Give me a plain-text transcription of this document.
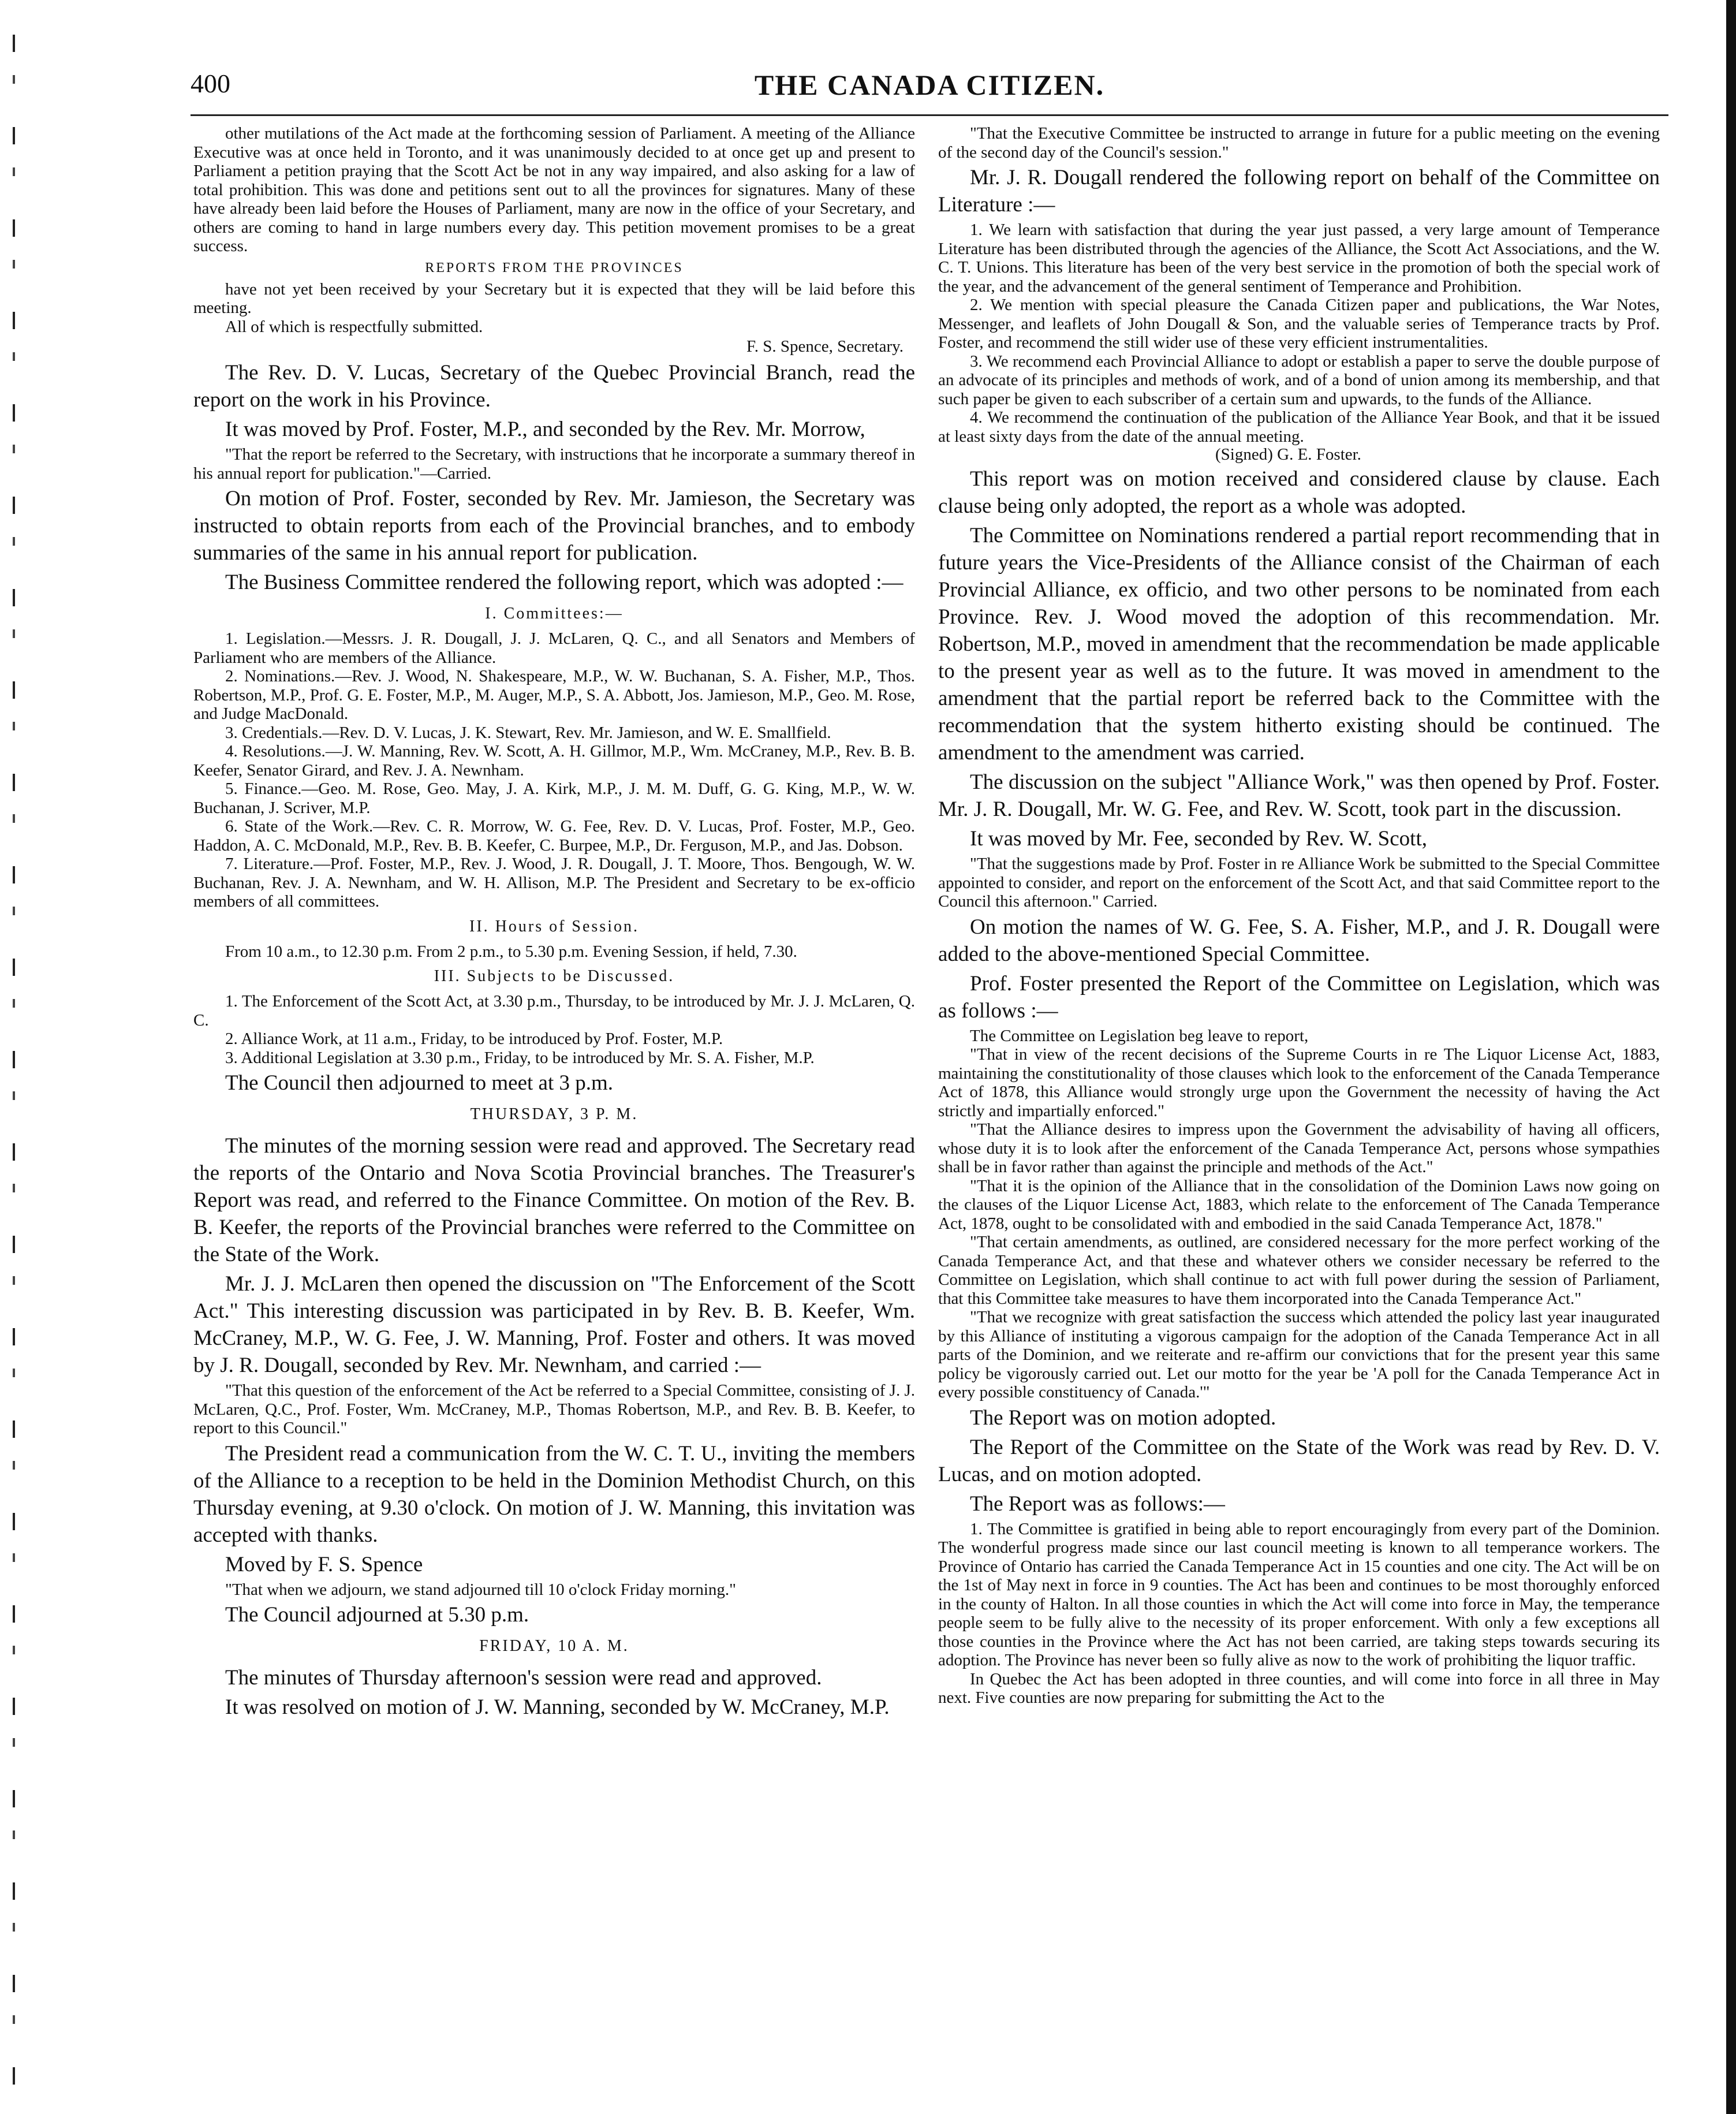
400	THE CANADA CITIZEN.

other mutilations of the Act made at the forthcoming session of Parliament. A meeting of the Alliance Executive was at once held in Toronto, and it was unanimously decided to at once get up and present to Parliament a petition praying that the Scott Act be not in any way impaired, and also asking for a law of total prohibition. This was done and petitions sent out to all the provinces for signatures. Many of these have already been laid before the Houses of Parliament, many are now in the office of your Secretary, and others are coming to hand in large numbers every day. This petition movement promises to be a great success.

REPORTS FROM THE PROVINCES

have not yet been received by your Secretary but it is expected that they will be laid before this meeting.

All of which is respectfully submitted.

F. S. Spence, Secretary.

The Rev. D. V. Lucas, Secretary of the Quebec Provincial Branch, read the report on the work in his Province.

It was moved by Prof. Foster, M.P., and seconded by the Rev. Mr. Morrow,

"That the report be referred to the Secretary, with instructions that he incorporate a summary thereof in his annual report for publication."—Carried.

On motion of Prof. Foster, seconded by Rev. Mr. Jamieson, the Secretary was instructed to obtain reports from each of the Provincial branches, and to embody summaries of the same in his annual report for publication.

The Business Committee rendered the following report, which was adopted :—

I. Committees:—

1. Legislation.—Messrs. J. R. Dougall, J. J. McLaren, Q. C., and all Senators and Members of Parliament who are members of the Alliance.

2. Nominations.—Rev. J. Wood, N. Shakespeare, M.P., W. W. Buchanan, S. A. Fisher, M.P., Thos. Robertson, M.P., Prof. G. E. Foster, M.P., M. Auger, M.P., S. A. Abbott, Jos. Jamieson, M.P., Geo. M. Rose, and Judge MacDonald.

3. Credentials.—Rev. D. V. Lucas, J. K. Stewart, Rev. Mr. Jamieson, and W. E. Smallfield.

4. Resolutions.—J. W. Manning, Rev. W. Scott, A. H. Gillmor, M.P., Wm. McCraney, M.P., Rev. B. B. Keefer, Senator Girard, and Rev. J. A. Newnham.

5. Finance.—Geo. M. Rose, Geo. May, J. A. Kirk, M.P., J. M. M. Duff, G. G. King, M.P., W. W. Buchanan, J. Scriver, M.P.

6. State of the Work.—Rev. C. R. Morrow, W. G. Fee, Rev. D. V. Lucas, Prof. Foster, M.P., Geo. Haddon, A. C. McDonald, M.P., Rev. B. B. Keefer, C. Burpee, M.P., Dr. Ferguson, M.P., and Jas. Dobson.

7. Literature.—Prof. Foster, M.P., Rev. J. Wood, J. R. Dougall, J. T. Moore, Thos. Bengough, W. W. Buchanan, Rev. J. A. Newnham, and W. H. Allison, M.P. The President and Secretary to be ex-officio members of all committees.

II. Hours of Session.

From 10 a.m., to 12.30 p.m. From 2 p.m., to 5.30 p.m. Evening Session, if held, 7.30.

III. Subjects to be Discussed.

1. The Enforcement of the Scott Act, at 3.30 p.m., Thursday, to be introduced by Mr. J. J. McLaren, Q. C.

2. Alliance Work, at 11 a.m., Friday, to be introduced by Prof. Foster, M.P.

3. Additional Legislation at 3.30 p.m., Friday, to be introduced by Mr. S. A. Fisher, M.P.

The Council then adjourned to meet at 3 p.m.

THURSDAY, 3 P. M.

The minutes of the morning session were read and approved. The Secretary read the reports of the Ontario and Nova Scotia Provincial branches. The Treasurer's Report was read, and referred to the Finance Committee. On motion of the Rev. B. B. Keefer, the reports of the Provincial branches were referred to the Committee on the State of the Work.

Mr. J. J. McLaren then opened the discussion on "The Enforcement of the Scott Act." This interesting discussion was participated in by Rev. B. B. Keefer, Wm. McCraney, M.P., W. G. Fee, J. W. Manning, Prof. Foster and others. It was moved by J. R. Dougall, seconded by Rev. Mr. Newnham, and carried :—

"That this question of the enforcement of the Act be referred to a Special Committee, consisting of J. J. McLaren, Q.C., Prof. Foster, Wm. McCraney, M.P., Thomas Robertson, M.P., and Rev. B. B. Keefer, to report to this Council."

The President read a communication from the W. C. T. U., inviting the members of the Alliance to a reception to be held in the Dominion Methodist Church, on this Thursday evening, at 9.30 o'clock. On motion of J. W. Manning, this invitation was accepted with thanks.

Moved by F. S. Spence

"That when we adjourn, we stand adjourned till 10 o'clock Friday morning."

The Council adjourned at 5.30 p.m.

FRIDAY, 10 A. M.

The minutes of Thursday afternoon's session were read and approved.

It was resolved on motion of J. W. Manning, seconded by W. McCraney, M.P.

"That the Executive Committee be instructed to arrange in future for a public meeting on the evening of the second day of the Council's session."

Mr. J. R. Dougall rendered the following report on behalf of the Committee on Literature :—

1. We learn with satisfaction that during the year just passed, a very large amount of Temperance Literature has been distributed through the agencies of the Alliance, the Scott Act Associations, and the W. C. T. Unions. This literature has been of the very best service in the promotion of both the special work of the year, and the advancement of the general sentiment of Temperance and Prohibition.

2. We mention with special pleasure the Canada Citizen paper and publications, the War Notes, Messenger, and leaflets of John Dougall & Son, and the valuable series of Temperance tracts by Prof. Foster, and recommend the still wider use of these very efficient instrumentalities.

3. We recommend each Provincial Alliance to adopt or establish a paper to serve the double purpose of an advocate of its principles and methods of work, and of a bond of union among its membership, and that such paper be given to each subscriber of a certain sum and upwards, to the funds of the Alliance.

4. We recommend the continuation of the publication of the Alliance Year Book, and that it be issued at least sixty days from the date of the annual meeting.

(Signed) G. E. Foster.

This report was on motion received and considered clause by clause. Each clause being only adopted, the report as a whole was adopted.

The Committee on Nominations rendered a partial report recommending that in future years the Vice-Presidents of the Alliance consist of the Chairman of each Provincial Alliance, ex officio, and two other persons to be nominated from each Province. Rev. J. Wood moved the adoption of this recommendation. Mr. Robertson, M.P., moved in amendment that the recommendation be made applicable to the present year as well as to the future. It was moved in amendment to the amendment that the partial report be referred back to the Committee with the recommendation that the system hitherto existing should be continued. The amendment to the amendment was carried.

The discussion on the subject "Alliance Work," was then opened by Prof. Foster. Mr. J. R. Dougall, Mr. W. G. Fee, and Rev. W. Scott, took part in the discussion.

It was moved by Mr. Fee, seconded by Rev. W. Scott,

"That the suggestions made by Prof. Foster in re Alliance Work be submitted to the Special Committee appointed to consider, and report on the enforcement of the Scott Act, and that said Committee report to the Council this afternoon." Carried.

On motion the names of W. G. Fee, S. A. Fisher, M.P., and J. R. Dougall were added to the above-mentioned Special Committee.

Prof. Foster presented the Report of the Committee on Legislation, which was as follows :—

The Committee on Legislation beg leave to report,

"That in view of the recent decisions of the Supreme Courts in re The Liquor License Act, 1883, maintaining the constitutionality of those clauses which look to the enforcement of the Canada Temperance Act of 1878, this Alliance would strongly urge upon the Government the necessity of having the Act strictly and impartially enforced."

"That the Alliance desires to impress upon the Government the advisability of having all officers, whose duty it is to look after the enforcement of the Canada Temperance Act, persons whose sympathies shall be in favor rather than against the principle and methods of the Act."

"That it is the opinion of the Alliance that in the consolidation of the Dominion Laws now going on the clauses of the Liquor License Act, 1883, which relate to the enforcement of The Canada Temperance Act, 1878, ought to be consolidated with and embodied in the said Canada Temperance Act, 1878."

"That certain amendments, as outlined, are considered necessary for the more perfect working of the Canada Temperance Act, and that these and whatever others we consider necessary be referred to the Committee on Legislation, which shall continue to act with full power during the session of Parliament, that this Committee take measures to have them incorporated into the Canada Temperance Act."

"That we recognize with great satisfaction the success which attended the policy last year inaugurated by this Alliance of instituting a vigorous campaign for the adoption of the Canada Temperance Act in all parts of the Dominion, and we reiterate and re-affirm our convictions that for the present year this same policy be vigorously carried out. Let our motto for the year be 'A poll for the Canada Temperance Act in every possible constituency of Canada.'"

The Report was on motion adopted.

The Report of the Committee on the State of the Work was read by Rev. D. V. Lucas, and on motion adopted.

The Report was as follows:—

1. The Committee is gratified in being able to report encouragingly from every part of the Dominion. The wonderful progress made since our last council meeting is known to all temperance workers. The Province of Ontario has carried the Canada Temperance Act in 15 counties and one city. The Act will be on the 1st of May next in force in 9 counties. The Act has been and continues to be most thoroughly enforced in the county of Halton. In all those counties in which the Act will come into force in May, the temperance people seem to be fully alive to the necessity of its proper enforcement. With only a few exceptions all those counties in the Province where the Act has not been carried, are taking steps towards securing its adoption. The Province has never been so fully alive as now to the work of prohibiting the liquor traffic.

In Quebec the Act has been adopted in three counties, and will come into force in all three in May next. Five counties are now preparing for submitting the Act to the
